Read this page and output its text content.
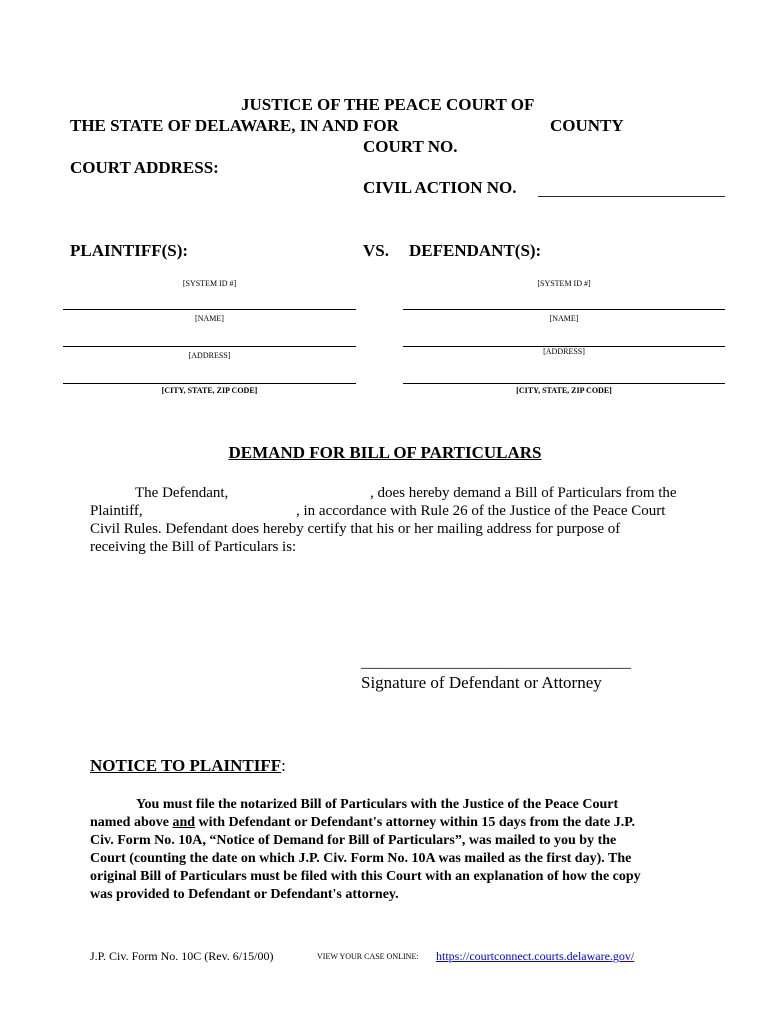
JUSTICE OF THE PEACE COURT OF
THE STATE OF DELAWARE, IN AND FOR	COUNTY
COURT NO.
COURT ADDRESS:
CIVIL ACTION NO. ______________________
PLAINTIFF(S):	VS. DEFENDANT(S):
[SYSTEM ID #]
[NAME]
[ADDRESS]
[CITY, STATE, ZIP CODE]
[SYSTEM ID #]
[NAME]
[ADDRESS]
[CITY, STATE, ZIP CODE]
DEMAND FOR BILL OF PARTICULARS
The Defendant,	, does hereby demand a Bill of Particulars from the

Plaintiff,	, in accordance with Rule 26 of the Justice of the Peace Court

Civil Rules. Defendant does hereby certify that his or her mailing address for purpose of
receiving the Bill of Particulars is:
____________________________________
Signature of Defendant or Attorney
NOTICE TO PLAINTIFF:
You must file the notarized Bill of Particulars with the Justice of the Peace Court
named above and with Defendant or Defendant's attorney within 15 days from the date J.P.
Civ. Form No. 10A, “Notice of Demand for Bill of Particulars”, was mailed to you by the
Court (counting the date on which J.P. Civ. Form No. 10A was mailed as the first day). The
original Bill of Particulars must be filed with this Court with an explanation of how the copy
was provided to Defendant or Defendant's attorney.
J.P. Civ. Form No. 10C (Rev. 6/15/00)	VIEW YOUR CASE ONLINE: https://courtconnect.courts.delaware.gov/
